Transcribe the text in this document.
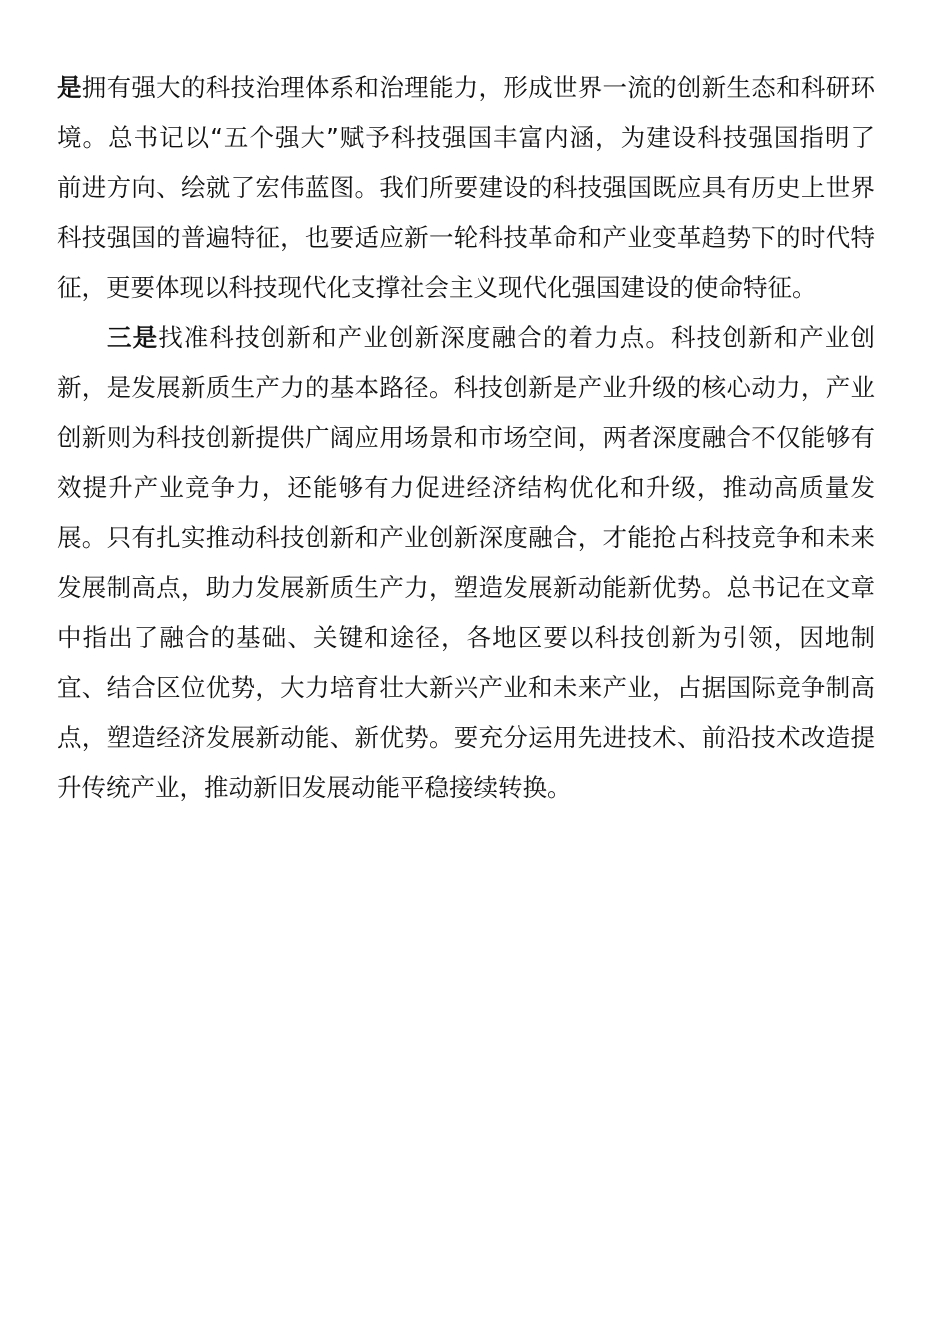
是拥有强大的科技治理体系和治理能力，形成世界一流的创新生态和科研环
境。总书记以“五个强大”赋予科技强国丰富内涵，为建设科技强国指明了
前进方向、绘就了宏伟蓝图。我们所要建设的科技强国既应具有历史上世界
科技强国的普遍特征，也要适应新一轮科技革命和产业变革趋势下的时代特
征，更要体现以科技现代化支撑社会主义现代化强国建设的使命特征。
三是找准科技创新和产业创新深度融合的着力点。科技创新和产业创
新，是发展新质生产力的基本路径。科技创新是产业升级的核心动力，产业
创新则为科技创新提供广阔应用场景和市场空间，两者深度融合不仅能够有
效提升产业竞争力，还能够有力促进经济结构优化和升级，推动高质量发
展。只有扎实推动科技创新和产业创新深度融合，才能抢占科技竞争和未来
发展制高点，助力发展新质生产力，塑造发展新动能新优势。总书记在文章
中指出了融合的基础、关键和途径，各地区要以科技创新为引领，因地制
宜、结合区位优势，大力培育壮大新兴产业和未来产业，占据国际竞争制高
点，塑造经济发展新动能、新优势。要充分运用先进技术、前沿技术改造提
升传统产业，推动新旧发展动能平稳接续转换。
